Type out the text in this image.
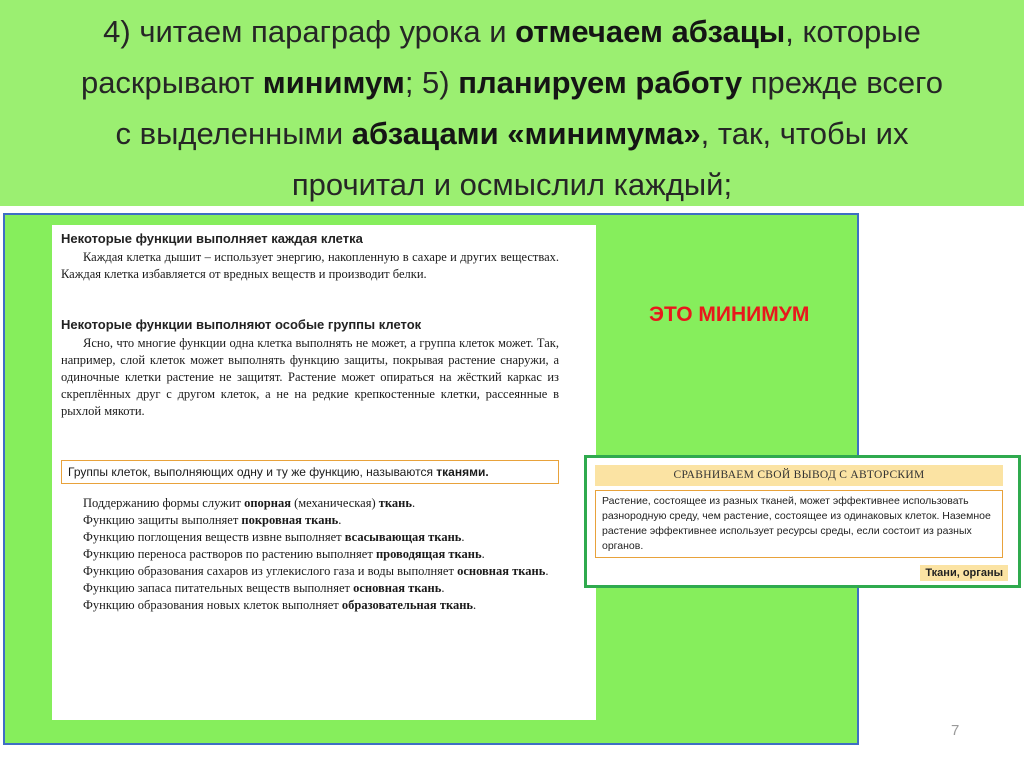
4) читаем параграф урока и отмечаем абзацы, которые
раскрывают минимум; 5) планируем работу прежде всего
с выделенными абзацами «минимума», так, чтобы их
прочитал и осмыслил каждый;
Некоторые функции выполняет каждая клетка
Каждая клетка дышит – использует энергию, накопленную в сахаре и других веществах. Каждая клетка избавляется от вредных веществ и производит белки.
Некоторые функции выполняют особые группы клеток
Ясно, что многие функции одна клетка выполнять не может, а группа клеток может. Так, например, слой клеток может выполнять функцию защиты, покрывая растение снаружи, а одиночные клетки растение не защитят. Растение может опираться на жёсткий каркас из скреплённых друг с другом клеток, а не на редкие крепкостенные клетки, рассеянные в рыхлой мякоти.
Группы клеток, выполняющих одну и ту же функцию, называются тканями.
Поддержанию формы служит опорная (механическая) ткань.
Функцию защиты выполняет покровная ткань.
Функцию поглощения веществ извне выполняет всасывающая ткань.
Функцию переноса растворов по растению выполняет проводящая ткань.
Функцию образования сахаров из углекислого газа и воды выполняет основная ткань.
Функцию запаса питательных веществ выполняет основная ткань.
Функцию образования новых клеток выполняет образовательная ткань.
ЭТО МИНИМУМ
СРАВНИВАЕМ СВОЙ ВЫВОД С АВТОРСКИМ
Растение, состоящее из разных тканей, может эффективнее использовать разнородную среду, чем растение, состоящее из одинаковых клеток. Наземное растение эффективнее использует ресурсы среды, если состоит из разных органов.
Ткани, органы
7
